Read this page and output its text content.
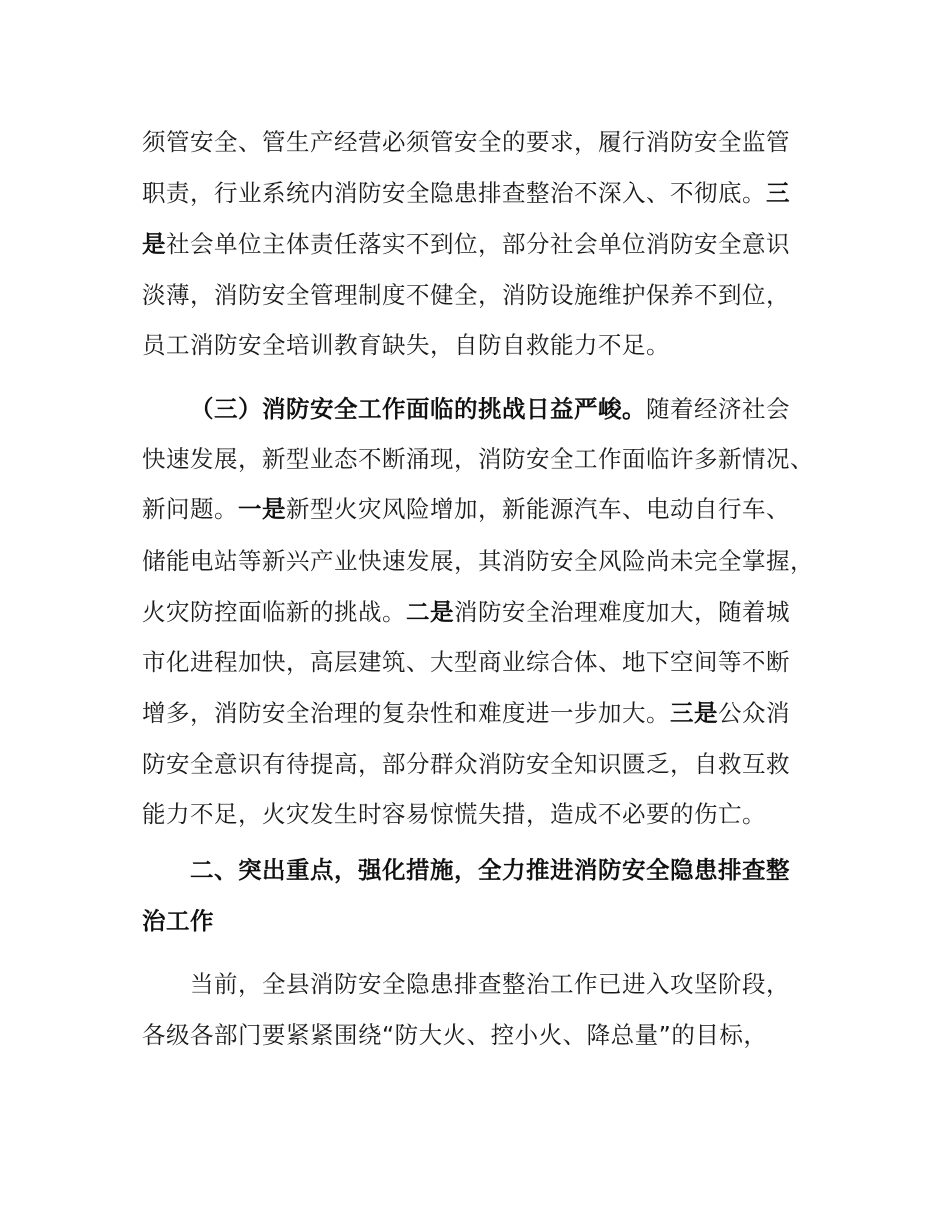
须管安全、管生产经营必须管安全的要求，履行消防安全监管
职责，行业系统内消防安全隐患排查整治不深入、不彻底。三
是社会单位主体责任落实不到位，部分社会单位消防安全意识
淡薄，消防安全管理制度不健全，消防设施维护保养不到位，
员工消防安全培训教育缺失，自防自救能力不足。
（三）消防安全工作面临的挑战日益严峻。随着经济社会
快速发展，新型业态不断涌现，消防安全工作面临许多新情况、
新问题。一是新型火灾风险增加，新能源汽车、电动自行车、
储能电站等新兴产业快速发展，其消防安全风险尚未完全掌握，
火灾防控面临新的挑战。二是消防安全治理难度加大，随着城
市化进程加快，高层建筑、大型商业综合体、地下空间等不断
增多，消防安全治理的复杂性和难度进一步加大。三是公众消
防安全意识有待提高，部分群众消防安全知识匮乏，自救互救
能力不足，火灾发生时容易惊慌失措，造成不必要的伤亡。
二、突出重点，强化措施，全力推进消防安全隐患排查整
治工作
当前，全县消防安全隐患排查整治工作已进入攻坚阶段，
各级各部门要紧紧围绕“防大火、控小火、降总量”的目标，
